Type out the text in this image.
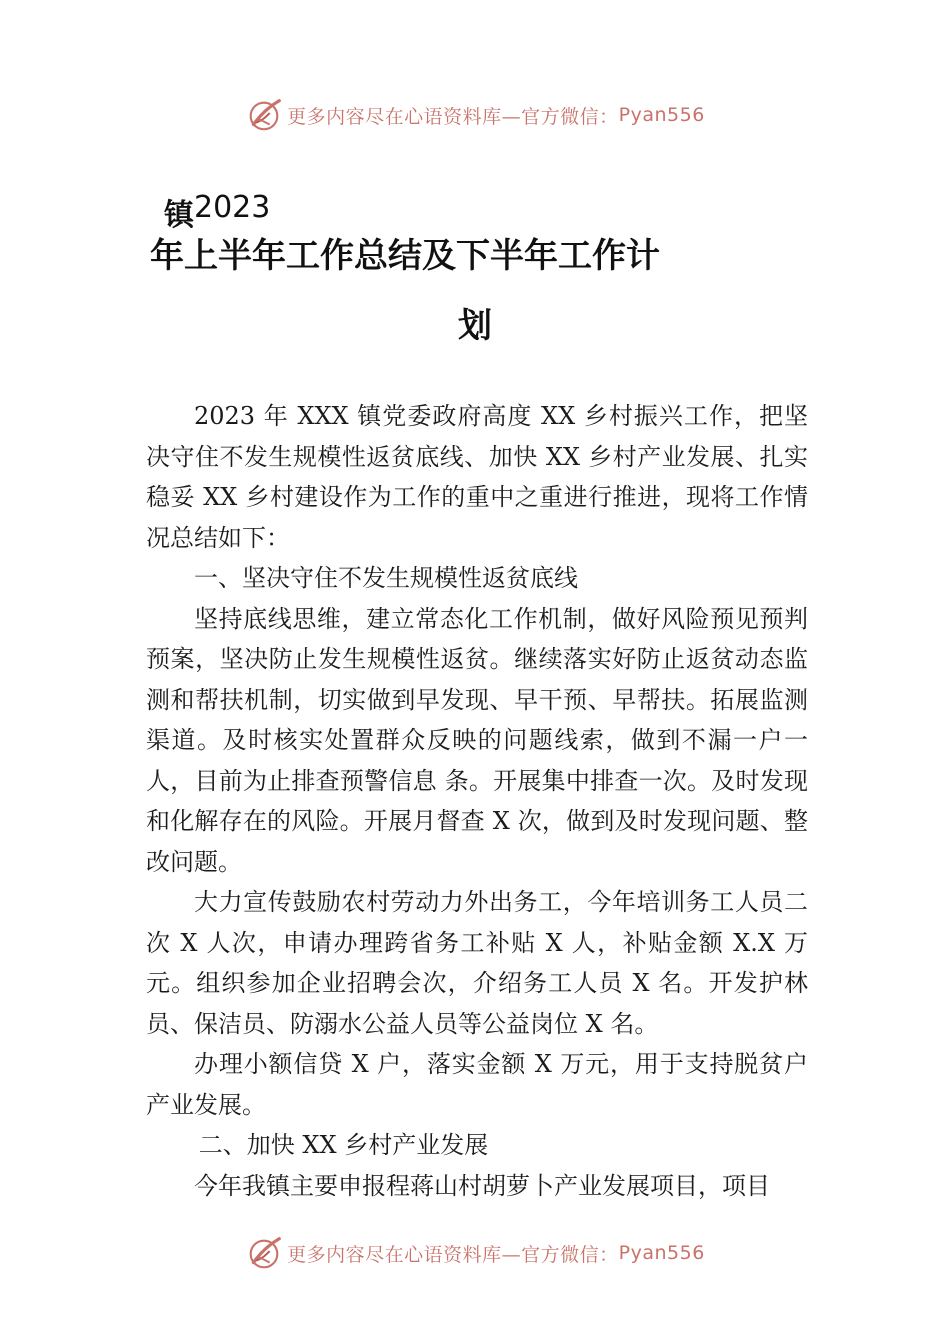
更多内容尽在心语资料库—官方微信： Pyan556
镇 2023
年上半年工作总结及下半年工作计
划

2023 年 XXX 镇党委政府高度 XX 乡村振兴工作，把坚决守住不发生规模性返贫底线、加快 XX 乡村产业发展、扎实稳妥 XX 乡村建设作为工作的重中之重进行推进，现将工作情况总结如下：

一、坚决守住不发生规模性返贫底线

坚持底线思维，建立常态化工作机制，做好风险预见预判预案，坚决防止发生规模性返贫。继续落实好防止返贫动态监测和帮扶机制，切实做到早发现、早干预、早帮扶。拓展监测渠道。及时核实处置群众反映的问题线索，做到不漏一户一人，目前为止排查预警信息 条。开展集中排查一次。及时发现和化解存在的风险。开展月督查 X 次，做到及时发现问题、整改问题。

大力宣传鼓励农村劳动力外出务工，今年培训务工人员二次 X 人次，申请办理跨省务工补贴 X 人，补贴金额 X.X 万元。组织参加企业招聘会次，介绍务工人员 X 名。开发护林员、保洁员、防溺水公益人员等公益岗位 X 名。

办理小额信贷 X 户，落实金额 X 万元，用于支持脱贫户产业发展。

二、加快 XX 乡村产业发展

今年我镇主要申报程蒋山村胡萝卜产业发展项目，项目

更多内容尽在心语资料库—官方微信： Pyan556
